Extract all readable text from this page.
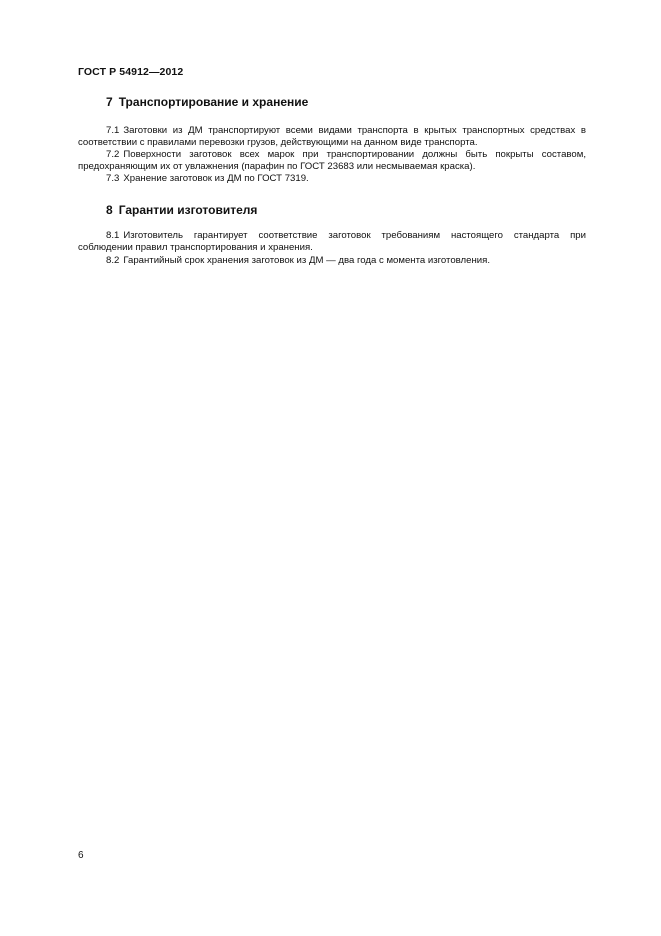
ГОСТ Р 54912—2012
7 Транспортирование и хранение

7.1 Заготовки из ДМ транспортируют всеми видами транспорта в крытых транспортных средствах в соответствии с правилами перевозки грузов, действующими на данном виде транспорта.

7.2 Поверхности заготовок всех марок при транспортировании должны быть покрыты составом, предохраняющим их от увлажнения (парафин по ГОСТ 23683 или несмываемая краска).

7.3 Хранение заготовок из ДМ по ГОСТ 7319.

8 Гарантии изготовителя

8.1 Изготовитель гарантирует соответствие заготовок требованиям настоящего стандарта при соблюдении правил транспортирования и хранения.

8.2 Гарантийный срок хранения заготовок из ДМ — два года с момента изготовления.

6
